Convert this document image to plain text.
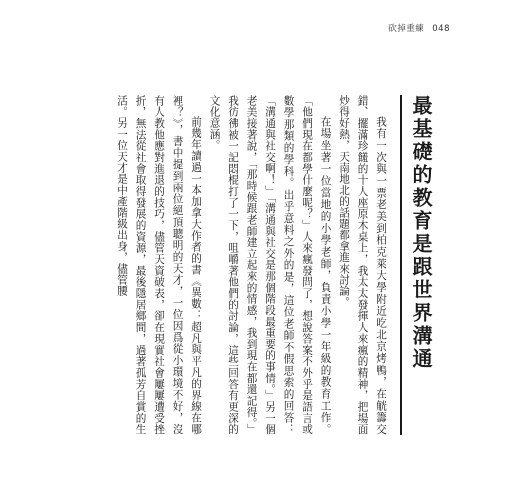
砍掉重練 048
最基礎的教育是跟世界溝通

我有一次與一票老美到柏克萊大學附近吃北京烤鴨，在觥籌交錯、擺滿珍饈的十人座原木桌上，我太太發揮人來瘋的精神，把場面炒得好熱，天南地北的話題都拿進來討論。

在場坐著一位當地的小學老師，負責小學一年級的教育工作。「他們現在都學什麼呢？」人來瘋發問了，想說答案不外乎是語言或數學那類的學科。出乎意料之外的是，這位老師不假思索的回答：「溝通與社交啊！」「溝通與社交是那個階段最重要的事情。」另一個老美接著說，「那時候跟老師建立起來的情感，我到現在都還記得。」我彷彿被一記悶棍打了一下，咀嚼著他們的討論，這些回答有更深的文化意涵。

前幾年讀過一本加拿大作者的書《異數：超凡與平凡的界線在哪裡？》，書中提到兩位絕頂聰明的天才，一位因爲從小環境不好，沒有人教他應對進退的技巧，儘管天資破表，卻在現實社會屢屢遭受挫折，無法從社會取得發展的資源，最後隱居鄉間，過著孤芳自賞的生活。另一位天才是中產階級出身，儘管腰
